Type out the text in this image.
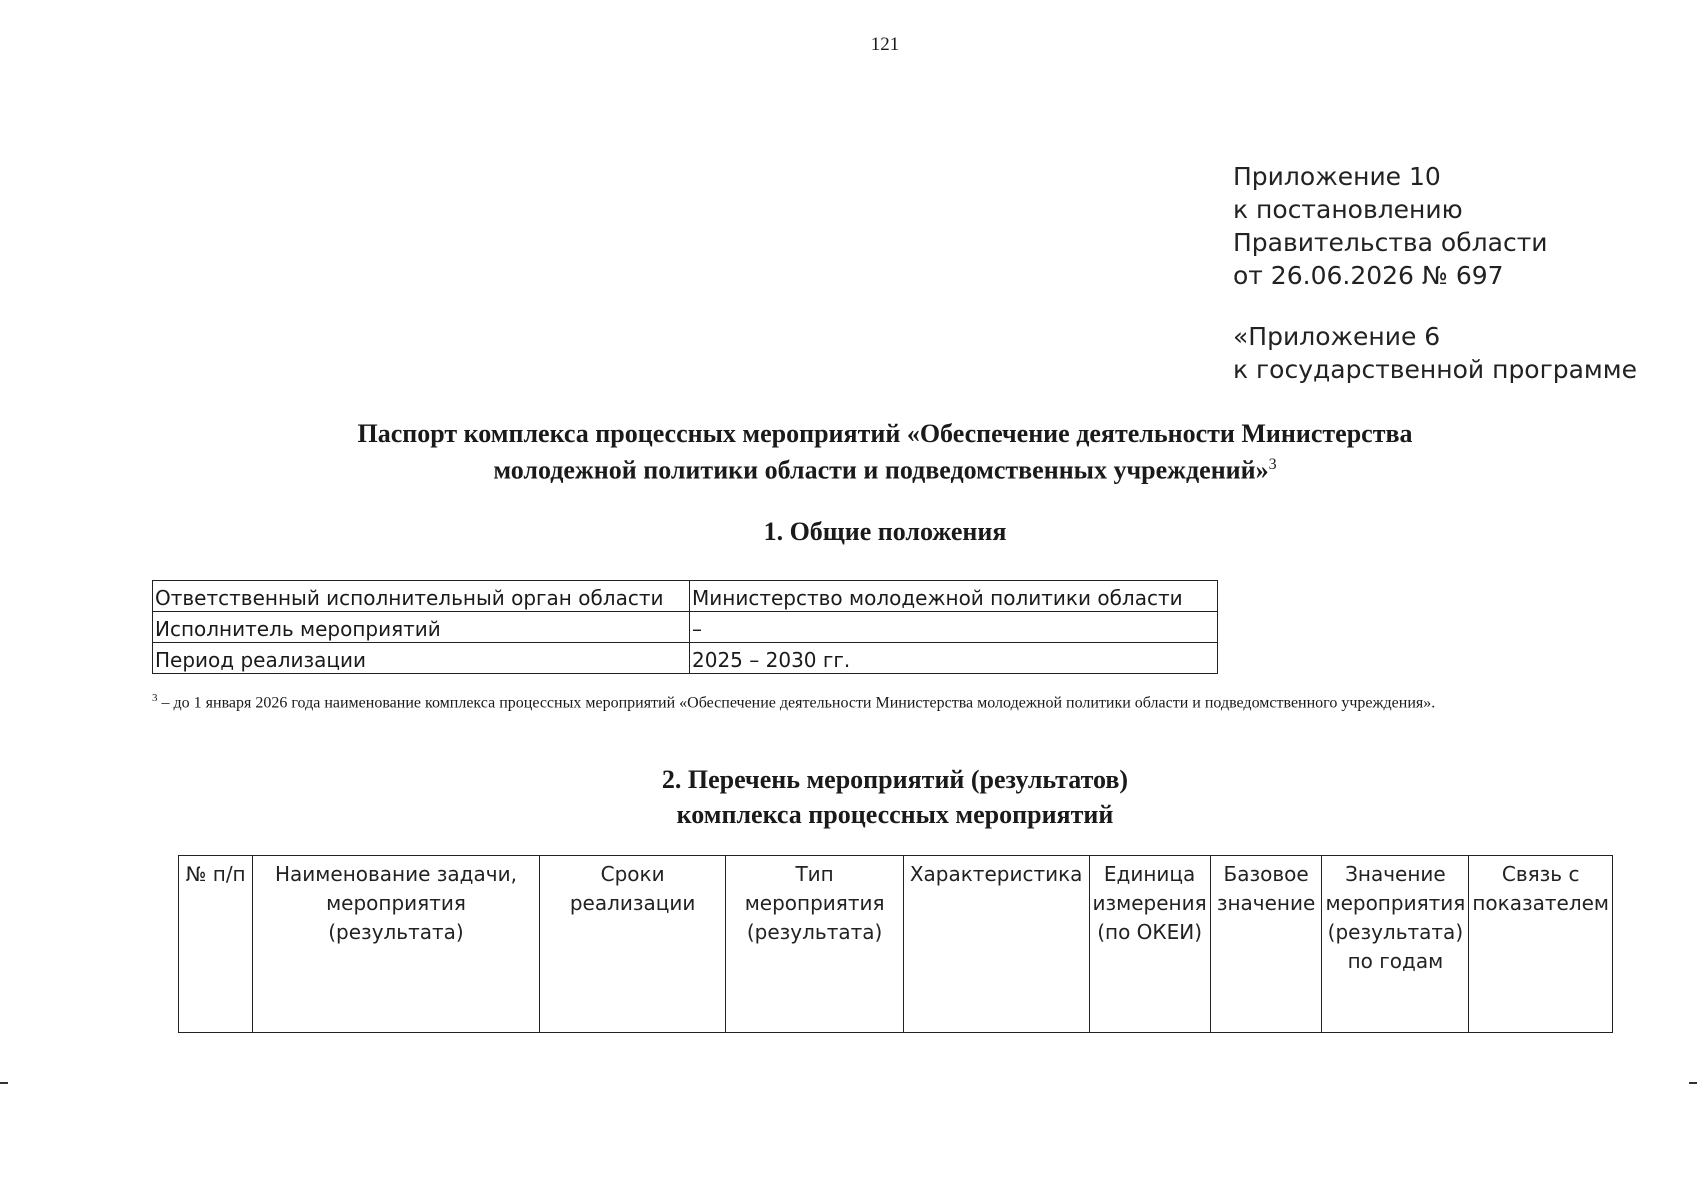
121
Приложение 10
к постановлению
Правительства области
от 26.06.2026 № 697
«Приложение 6
к государственной программе
Паспорт комплекса процессных мероприятий «Обеспечение деятельности Министерства
молодежной политики области и подведомственных учреждений»$^3$
1. Общие положения
Ответственный исполнительный орган области	Министерство молодежной политики области
Исполнитель мероприятий	–
Период реализации	2025 – 2030 гг.
$^3$ – до 1 января 2026 года наименование комплекса процессных мероприятий «Обеспечение деятельности Министерства молодежной политики области и подведомственного учреждения».
2. Перечень мероприятий (результатов)
комплекса процессных мероприятий
№ п/п	Наименование задачи, мероприятия (результата)	Сроки реализации	Тип мероприятия (результата)	Характеристика	Единица измерения (по ОКЕИ)	Базовое значение	Значение мероприятия (результата) по годам	Связь с показателем
